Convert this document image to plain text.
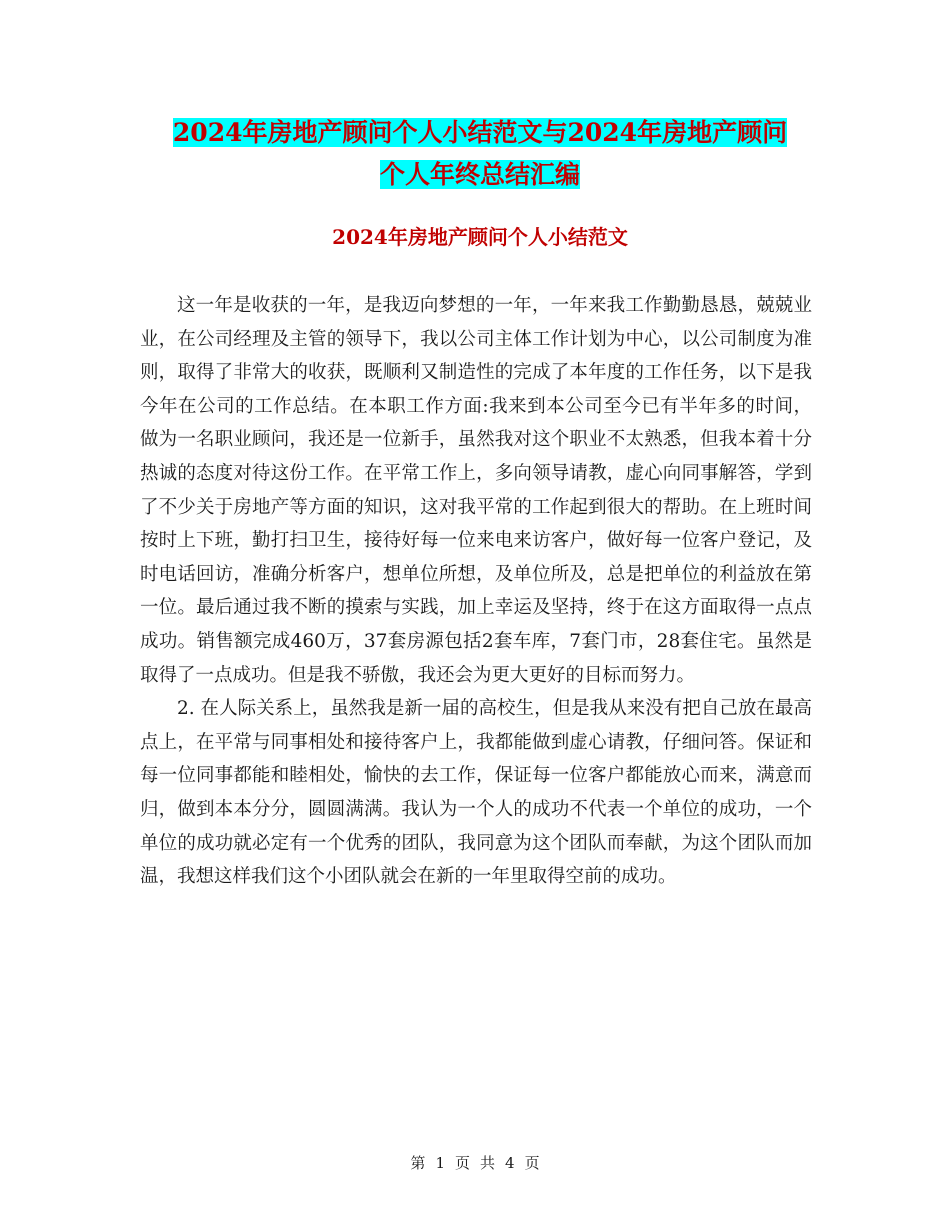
2024年房地产顾问个人小结范文与2024年房地产顾问
个人年终总结汇编
2024年房地产顾问个人小结范文

这一年是收获的一年，是我迈向梦想的一年，一年来我工作勤勤恳恳，兢兢业业，在公司经理及主管的领导下，我以公司主体工作计划为中心，以公司制度为准则，取得了非常大的收获，既顺利又制造性的完成了本年度的工作任务，以下是我今年在公司的工作总结。在本职工作方面:我来到本公司至今已有半年多的时间，做为一名职业顾问，我还是一位新手，虽然我对这个职业不太熟悉，但我本着十分热诚的态度对待这份工作。在平常工作上，多向领导请教，虚心向同事解答，学到了不少关于房地产等方面的知识，这对我平常的工作起到很大的帮助。在上班时间按时上下班，勤打扫卫生，接待好每一位来电来访客户，做好每一位客户登记，及时电话回访，准确分析客户，想单位所想，及单位所及，总是把单位的利益放在第一位。最后通过我不断的摸索与实践，加上幸运及坚持，终于在这方面取得一点点成功。销售额完成460万，37套房源包括2套车库，7套门市，28套住宅。虽然是取得了一点成功。但是我不骄傲，我还会为更大更好的目标而努力。

2. 在人际关系上，虽然我是新一届的高校生，但是我从来没有把自己放在最高点上，在平常与同事相处和接待客户上，我都能做到虚心请教，仔细问答。保证和每一位同事都能和睦相处，愉快的去工作，保证每一位客户都能放心而来，满意而归，做到本本分分，圆圆满满。我认为一个人的成功不代表一个单位的成功，一个单位的成功就必定有一个优秀的团队，我同意为这个团队而奉献，为这个团队而加温，我想这样我们这个小团队就会在新的一年里取得空前的成功。

第 1 页 共 4 页
